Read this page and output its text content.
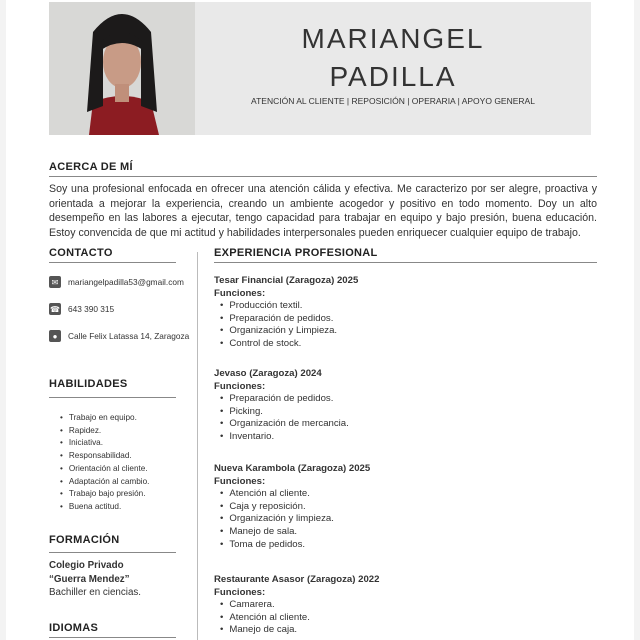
MARIANGEL
PADILLA
ATENCIÓN AL CLIENTE | REPOSICIÓN | OPERARIA | APOYO GENERAL
ACERCA DE MÍ
Soy una profesional enfocada en ofrecer una atención cálida y efectiva. Me caracterizo por ser alegre, proactiva y orientada a mejorar la experiencia, creando un ambiente acogedor y positivo en todo momento. Doy un alto desempeño en las labores a ejecutar, tengo capacidad para trabajar en equipo y bajo presión, buena educación. Estoy convencida de que mi actitud y habilidades interpersonales pueden enriquecer cualquier equipo de trabajo.
CONTACTO
✉	mariangelpadilla53@gmail.com
☎ 643 390 315
●	Calle Felix Latassa 14, Zaragoza
HABILIDADES
• Trabajo en equipo.
• Rapidez.
• Iniciativa.
• Responsabilidad.
• Orientación al cliente.
• Adaptación al cambio.
• Trabajo bajo presión.
• Buena actitud.
FORMACIÓN
Colegio Privado
“Guerra Mendez”
Bachiller en ciencias.
IDIOMAS
EXPERIENCIA PROFESIONAL
Tesar Financial (Zaragoza) 2025
Funciones:
• Producción textil.
• Preparación de pedidos.
• Organización y Limpieza.
• Control de stock.
Jevaso (Zaragoza) 2024
Funciones:
• Preparación de pedidos.
• Picking.
• Organización de mercancia.
• Inventario.
Nueva Karambola (Zaragoza) 2025
Funciones:
• Atención al cliente.
• Caja y reposición.
• Organización y limpieza.
• Manejo de sala.
• Toma de pedidos.
Restaurante Asasor (Zaragoza) 2022
Funciones:
• Camarera.
• Atención al cliente.
• Manejo de caja.
